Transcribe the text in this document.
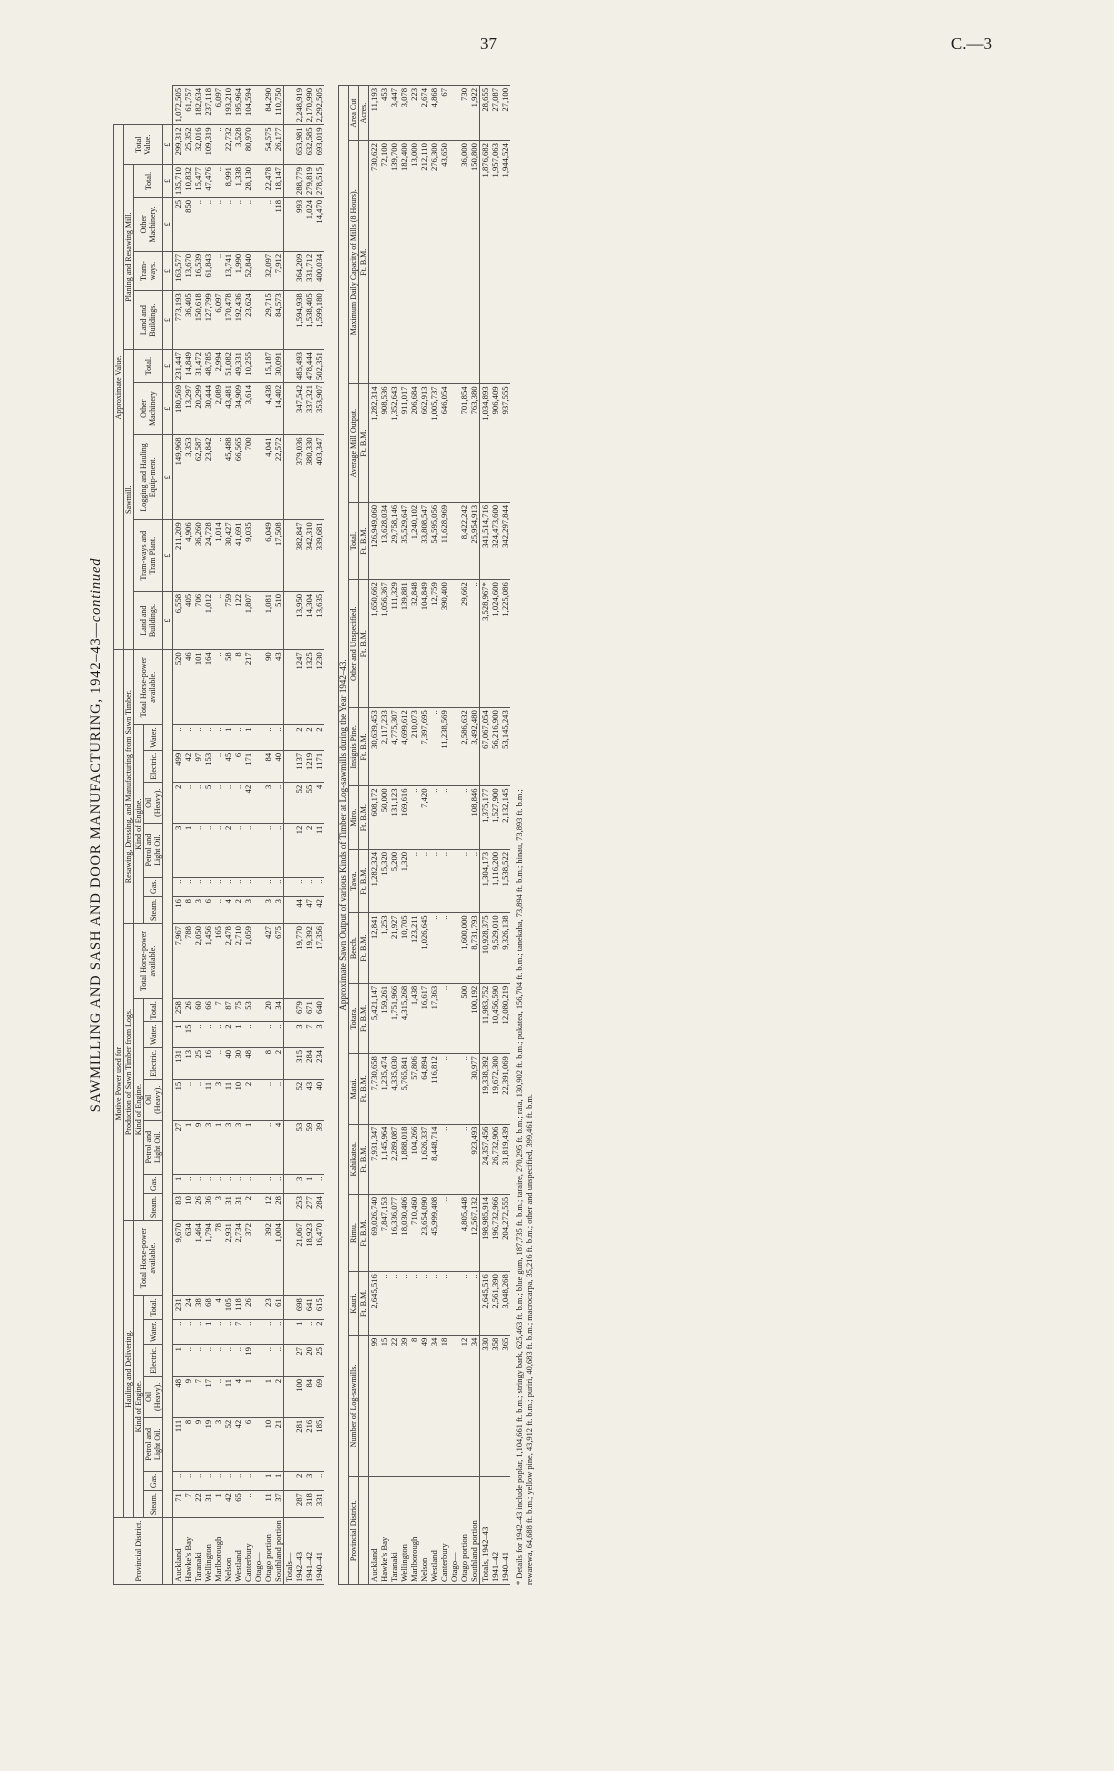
37	C.—3
SAWMILLING AND SASH AND DOOR MANUFACTURING, 1942–43—continued
Provincial District.	Motive Power used for																							Approximate Value.										
	Hauling and Delivering.								Production of Sawn Timber from Logs.								Resawing, Dressing, and Manufacturing from Sawn Timber.							Sawmill.					Planing and Resawing Mill.				Total Value.	
	Kind of Engine.							Total Horse-power available.	Kind of Engine.							Total Horse-power available.	Kind of Engine.						Total Horse-power available.	Land and Buildings.	Tram-ways and Tram Plant.	Logging and Hauling Equip-ment.	Other Machinery	Total.	Land and Buildings.	Tram-ways.	Other Machinery.	Total.		
	Steam.	Gas.	Petrol and Light Oil.	Oil (Heavy).	Electric.	Water.	Total.		Steam.	Gas.	Petrol and Light Oil.	Oil (Heavy).	Electric.	Water.	Total.		Steam.	Gas.	Petrol and Light Oil.	Oil (Heavy).	Electric.	Water.												
																								£	£	£	£	£	£	£	£	£	£	
Auckland	71	..	111	48	1	..	231	9,670	83	1	27	15	131	1	258	7,967	16	..	3	2	499	..	520	6,558	211,209	149,968	180,569	231,447	773,193	163,577	25	135,710	299,312	1,072,505
Hawke's Bay	7	..	8	9	..	..	24	634	10	..	1	..	13	15	26	788	8	..	1	..	42	..	46	405	4,906	3,353	13,297	14,849	36,405	13,670	850	10,832	25,352	61,757
Taranaki	22	..	9	7	..	..	38	1,464	26	..	9	..	25	..	60	2,050	3	..	..	..	97	..	101	706	36,260	62,587	20,299	31,472	150,618	16,539	..	15,477	32,016	182,634
Wellington	31	..	19	17	..	1	68	1,794	36	..	3	11	16	..	66	1,456	6	..	..	5	153	..	164	1,012	24,728	23,842	30,444	48,785	127,799	61,843	..	47,476	109,319	237,118
Marlborough	1	..	3	..	..	..	4	78	3	..	1	3	..	..	7	165	..	..	..	..	..	..	..	..	1,014	..	2,089	2,994	6,097	..	..	..	..	6,097
Nelson	42	..	52	11	..	..	105	2,931	31	..	3	11	40	2	87	2,478	4	..	2	..	45	1	58	759	30,427	45,488	43,481	51,082	170,478	13,741	..	8,991	22,732	193,210
Westland	65	..	42	4	..	7	118	2,734	31	..	3	10	30	1	75	2,710	2	..	..	..	6	..	8	122	41,691	66,565	34,909	49,331	192,436	1,990	..	1,338	3,528	195,964
Canterbury	..	..	6	1	19	..	26	372	2	..	1	2	48	..	53	1,059	3	..	..	42	171	1	217	1,807	9,035	700	3,614	10,255	23,624	52,840	..	28,130	80,970	104,594
Otago—																																		
Otago portion	11	1	10	1	..	..	23	392	12	..	..	..	8	..	20	427	3	..	..	3	84	..	90	1,081	6,049	4,041	4,438	15,187	29,715	32,097	..	22,478	54,575	84,290
Southland portion	37	1	21	2	..	..	61	1,004	28	..	4	..	2	..	34	675	3	..	..	..	40	..	43	510	17,508	22,572	14,402	30,091	84,573	7,912	118	18,147	26,177	110,750
Totals—																																		
1942–43	287	2	281	100	27	1	698	21,067	253	3	53	52	315	3	679	19,770	44	..	12	52	1137	2	1247	13,950	382,847	379,036	347,542	485,493	1,594,938	364,209	993	288,779	653,981	2,248,919
1941–42	318	3	216	84	20	..	641	18,923	277	1	59	43	284	7	671	19,392	47	..	2	55	1219	2	1325	14,304	342,310	380,330	337,321	478,444	1,538,405	331,712	1,024	279,819	632,585	2,170,990
1940–41	331	..	185	69	25	2	615	16,470	284	..	39	40	234	3	640	17,356	42	..	11	4	1171	2	1230	13,635	339,681	403,347	353,907	502,351	1,599,180	400,034	14,470	278,515	693,019	2,292,505
Approximate Sawn Output of various Kinds of Timber at Log-sawmills during the Year 1942–43.															
Provincial District.	Number of Log-sawmills.	Kauri.	Rimu.	Kahikatea.	Matai.	Totara.	Beech.	Tawa.	Miro.	Insignis Pine.	Other and Unspecified.	Total.	Average Mill Output.	Maximum Daily Capacity of Mills (8 Hours).	Area Cut
		Ft. B.M.	Ft. B.M.	Ft. B.M.	Ft. B.M.	Ft. B.M.	Ft. B.M.	Ft. B.M.	Ft. B.M.	Ft. B.M.	Ft. B.M.	Ft. B.M.	Ft. B.M.	Ft. B.M.	Acres.
Auckland	99	2,645,516	69,026,740	7,931,347	7,730,658	5,421,147	12,841	1,282,324	608,172	30,639,453	1,650,662	126,949,060	1,282,314	730,622	11,193
Hawke's Bay	15	..	7,847,153	1,145,964	1,235,474	159,261	1,253	15,320	50,000	2,117,233	1,056,367	13,628,034	908,536	72,100	453
Taranaki	22	..	16,336,077	2,289,087	4,335,030	1,751,966	21,927	5,200	131,123	4,775,307	111,329	29,758,146	1,352,643	139,700	3,447
Wellington	39	..	18,030,406	1,888,018	5,765,841	4,315,268	10,705	1,320	169,616	4,699,612	139,881	35,529,647	911,017	182,400	3,078
Marlborough	8	..	710,460	104,266	57,806	1,438	123,211	..	..	210,073	32,848	1,240,102	206,684	13,000	223
Nelson	49	..	23,654,090	1,626,337	64,894	16,617	1,026,645	..	7,420	7,397,695	104,849	33,808,547	662,913	212,110	2,674
Westland	34	..	45,999,408	8,448,714	116,812	17,363	..	..	..	..	12,759	54,595,056	1,005,737	276,300	4,868
Canterbury	18	..	..	..	..	..	..	..	..	11,238,569	390,400	11,628,969	646,054	43,650	67
Otago—															
Otago portion	12	..	4,805,448	..	..	500	1,600,000	..	..	2,586,632	29,662	8,422,242	701,854	36,000	730
Southland portion	34	..	12,567,132	923,493	30,977	100,192	8,731,793	..	108,846	3,492,480	..	25,954,913	763,380	150,800	1,922
Totals, 1942–43	330	2,645,516	198,985,914	24,357,456	19,338,392	11,983,752	10,928,375	1,304,173	1,375,177	67,067,054	3,528,967*	341,514,716	1,034,893	1,876,682	28,655
1941–42	358	2,561,390	196,732,966	26,732,906	19,672,300	10,456,590	9,529,010	1,116,200	1,527,900	56,216,900	1,024,600	324,473,600	906,409	1,957,063	27,087
1940–41	365	3,048,268	204,272,555	31,819,439	22,391,069	12,080,219	9,326,138	1,538,522	2,132,145	53,145,243	1,225,086	342,297,844	937,555	1,944,524	27,100
* Details for 1942–43 include poplar, 1,104,661 ft. b.m.; stringy bark, 625,463 ft. b.m.; blue gum, 187,735 ft. b.m.; taraire, 270,295 ft. b.m.; rata, 130,902 ft. b.m.; pukatea, 156,704 ft. b.m.; tanekaha, 73,894 ft. b.m.; hinau, 73,893 ft. b.m.; rewarewa, 64,688 ft. b.m.; yellow pine, 43,912 ft. b.m.; puriri, 40,683 ft. b.m.; macrocarpa, 35,216 ft. b.m.; other and unspecified, 399,461 ft. b.m.
